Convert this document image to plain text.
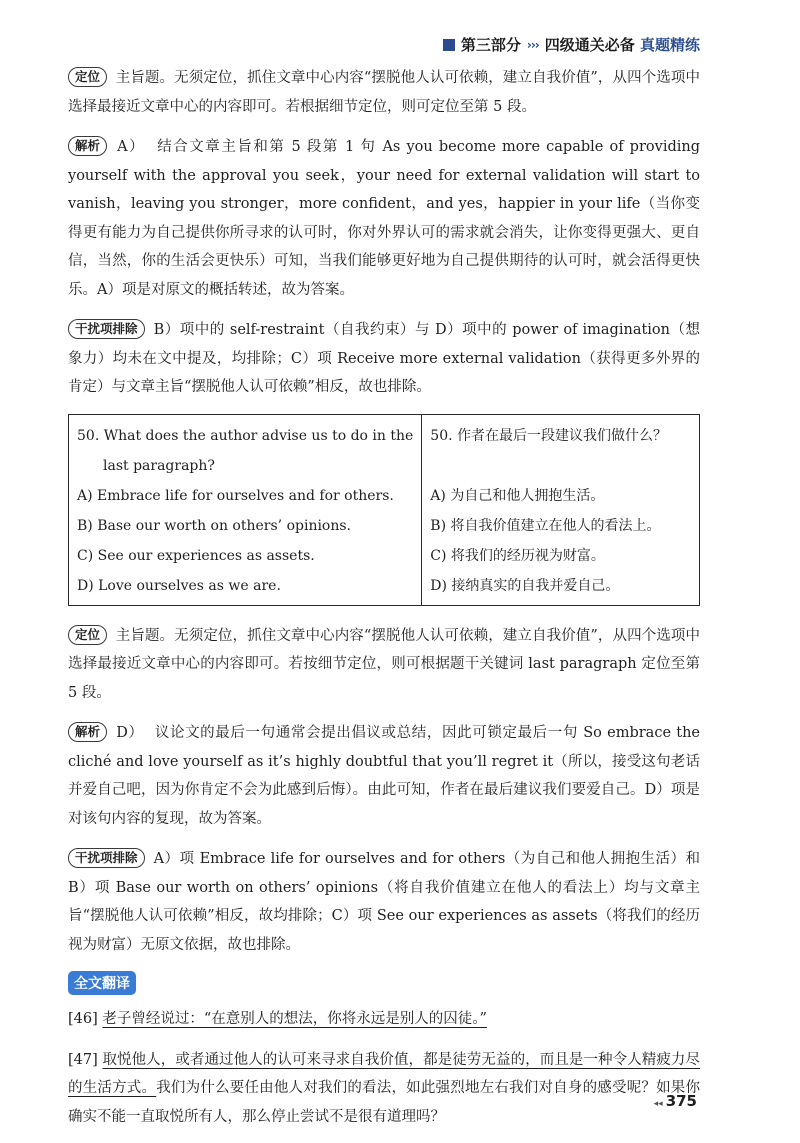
第三部分 ››› 四级通关必备 真题精练

定位 主旨题。无须定位，抓住文章中心内容“摆脱他人认可依赖，建立自我价值”，从四个选项中选择最接近文章中心的内容即可。若根据细节定位，则可定位至第 5 段。

解析 A） 结合文章主旨和第 5 段第 1 句 As you become more capable of providing yourself with the approval you seek，your need for external validation will start to vanish，leaving you stronger，more confident，and yes，happier in your life（当你变得更有能力为自己提供你所寻求的认可时，你对外界认可的需求就会消失，让你变得更强大、更自信，当然，你的生活会更快乐）可知，当我们能够更好地为自己提供期待的认可时，就会活得更快乐。A）项是对原文的概括转述，故为答案。

干扰项排除 B）项中的 self-restraint（自我约束）与 D）项中的 power of imagination（想象力）均未在文中提及，均排除；C）项 Receive more external validation（获得更多外界的肯定）与文章主旨“摆脱他人认可依赖”相反，故也排除。

50. What does the author advise us to do in the
last paragraph?
A) Embrace life for ourselves and for others.
B) Base our worth on others’ opinions.
C) See our experiences as assets.
D) Love ourselves as we are.

50. 作者在最后一段建议我们做什么？

A) 为自己和他人拥抱生活。
B) 将自我价值建立在他人的看法上。
C) 将我们的经历视为财富。
D) 接纳真实的自我并爱自己。

定位 主旨题。无须定位，抓住文章中心内容“摆脱他人认可依赖，建立自我价值”，从四个选项中选择最接近文章中心的内容即可。若按细节定位，则可根据题干关键词 last paragraph 定位至第 5 段。

解析 D） 议论文的最后一句通常会提出倡议或总结，因此可锁定最后一句 So embrace the cliché and love yourself as it’s highly doubtful that you’ll regret it（所以，接受这句老话并爱自己吧，因为你肯定不会为此感到后悔）。由此可知，作者在最后建议我们要爱自己。D）项是对该句内容的复现，故为答案。

干扰项排除 A）项 Embrace life for ourselves and for others（为自己和他人拥抱生活）和 B）项 Base our worth on others’ opinions（将自我价值建立在他人的看法上）均与文章主旨“摆脱他人认可依赖”相反，故均排除；C）项 See our experiences as assets（将我们的经历视为财富）无原文依据，故也排除。

全文翻译

[46] 老子曾经说过：“在意别人的想法，你将永远是别人的囚徒。”

[47] 取悦他人，或者通过他人的认可来寻求自我价值，都是徒劳无益的，而且是一种令人精疲力尽的生活方式。我们为什么要任由他人对我们的看法，如此强烈地左右我们对自身的感受呢？如果你确实不能一直取悦所有人，那么停止尝试不是很有道理吗？

◂◂ 375
